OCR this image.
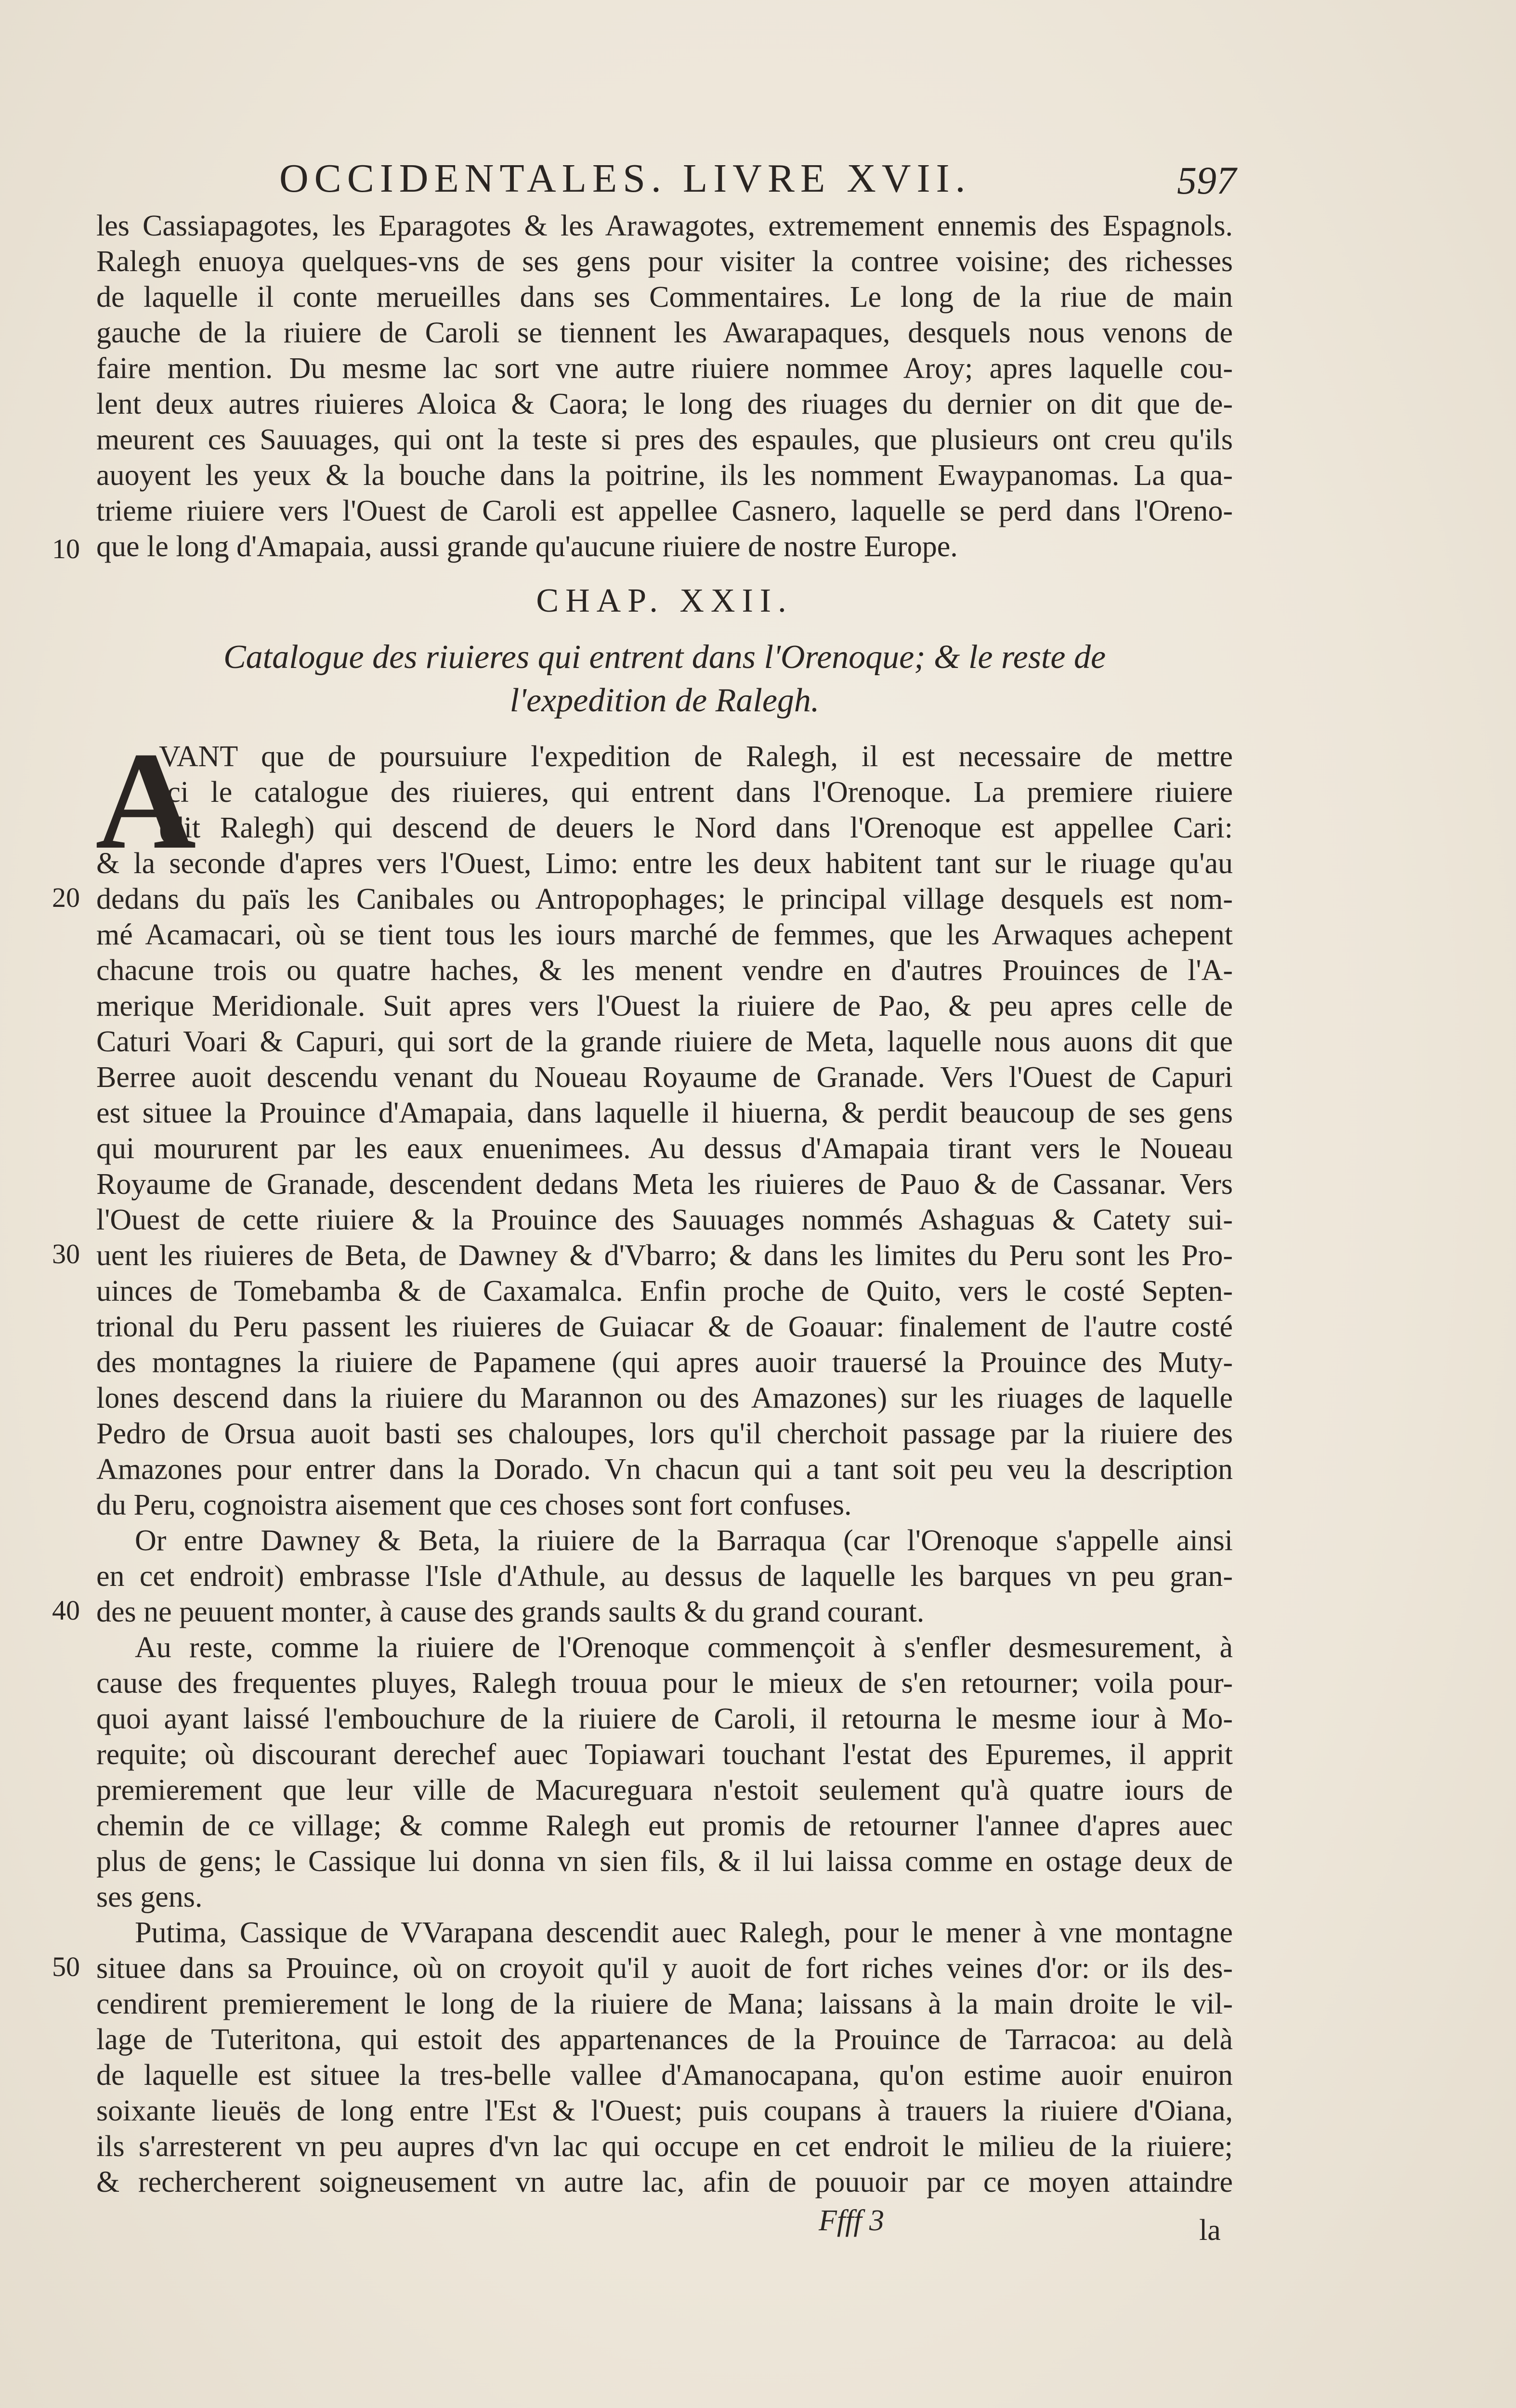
OCCIDENTALES. LIVRE XVII.	597
les Cassiapagotes, les Eparagotes & les Arawagotes, extremement ennemis des Espagnols.
Ralegh enuoya quelques-vns de ses gens pour visiter la contree voisine; des richesses
de laquelle il conte merueilles dans ses Commentaires. Le long de la riue de main
gauche de la riuiere de Caroli se tiennent les Awarapaques, desquels nous venons de
faire mention. Du mesme lac sort vne autre riuiere nommee Aroy; apres laquelle cou-
lent deux autres riuieres Aloica & Caora; le long des riuages du dernier on dit que de-
meurent ces Sauuages, qui ont la teste si pres des espaules, que plusieurs ont creu qu'ils
auoyent les yeux & la bouche dans la poitrine, ils les nomment Ewaypanomas. La qua-
trieme riuiere vers l'Ouest de Caroli est appellee Casnero, laquelle se perd dans l'Oreno-
que le long d'Amapaia, aussi grande qu'aucune riuiere de nostre Europe.
10
CHAP. XXII.
Catalogue des riuieres qui entrent dans l'Orenoque; & le reste de
l'expedition de Ralegh.
A
VANT que de poursuiure l'expedition de Ralegh, il est necessaire de mettre
ici le catalogue des riuieres, qui entrent dans l'Orenoque. La premiere riuiere
(dit Ralegh) qui descend de deuers le Nord dans l'Orenoque est appellee Cari:
& la seconde d'apres vers l'Ouest, Limo: entre les deux habitent tant sur le riuage qu'au
dedans du païs les Canibales ou Antropophages; le principal village desquels est nom-
mé Acamacari, où se tient tous les iours marché de femmes, que les Arwaques achepent
chacune trois ou quatre haches, & les menent vendre en d'autres Prouinces de l'A-
merique Meridionale. Suit apres vers l'Ouest la riuiere de Pao, & peu apres celle de
Caturi Voari & Capuri, qui sort de la grande riuiere de Meta, laquelle nous auons dit que
Berree auoit descendu venant du Noueau Royaume de Granade. Vers l'Ouest de Capuri
est situee la Prouince d'Amapaia, dans laquelle il hiuerna, & perdit beaucoup de ses gens
qui moururent par les eaux enuenimees. Au dessus d'Amapaia tirant vers le Noueau
Royaume de Granade, descendent dedans Meta les riuieres de Pauo & de Cassanar. Vers
l'Ouest de cette riuiere & la Prouince des Sauuages nommés Ashaguas & Catety sui-
uent les riuieres de Beta, de Dawney & d'Vbarro; & dans les limites du Peru sont les Pro-
uinces de Tomebamba & de Caxamalca. Enfin proche de Quito, vers le costé Septen-
trional du Peru passent les riuieres de Guiacar & de Goauar: finalement de l'autre costé
des montagnes la riuiere de Papamene (qui apres auoir trauersé la Prouince des Muty-
lones descend dans la riuiere du Marannon ou des Amazones) sur les riuages de laquelle
Pedro de Orsua auoit basti ses chaloupes, lors qu'il cherchoit passage par la riuiere des
Amazones pour entrer dans la Dorado. Vn chacun qui a tant soit peu veu la description
du Peru, cognoistra aisement que ces choses sont fort confuses.
Or entre Dawney & Beta, la riuiere de la Barraqua (car l'Orenoque s'appelle ainsi
en cet endroit) embrasse l'Isle d'Athule, au dessus de laquelle les barques vn peu gran-
des ne peuuent monter, à cause des grands saults & du grand courant.
Au reste, comme la riuiere de l'Orenoque commençoit à s'enfler desmesurement, à
cause des frequentes pluyes, Ralegh trouua pour le mieux de s'en retourner; voila pour-
quoi ayant laissé l'embouchure de la riuiere de Caroli, il retourna le mesme iour à Mo-
requite; où discourant derechef auec Topiawari touchant l'estat des Epuremes, il apprit
premierement que leur ville de Macureguara n'estoit seulement qu'à quatre iours de
chemin de ce village; & comme Ralegh eut promis de retourner l'annee d'apres auec
plus de gens; le Cassique lui donna vn sien fils, & il lui laissa comme en ostage deux de
ses gens.
Putima, Cassique de VVarapana descendit auec Ralegh, pour le mener à vne montagne
situee dans sa Prouince, où on croyoit qu'il y auoit de fort riches veines d'or: or ils des-
cendirent premierement le long de la riuiere de Mana; laissans à la main droite le vil-
lage de Tuteritona, qui estoit des appartenances de la Prouince de Tarracoa: au delà
de laquelle est situee la tres-belle vallee d'Amanocapana, qu'on estime auoir enuiron
soixante lieuës de long entre l'Est & l'Ouest; puis coupans à trauers la riuiere d'Oiana,
ils s'arresterent vn peu aupres d'vn lac qui occupe en cet endroit le milieu de la riuiere;
& rechercherent soigneusement vn autre lac, afin de pouuoir par ce moyen attaindre
20
30
40
50
Ffff 3	la
